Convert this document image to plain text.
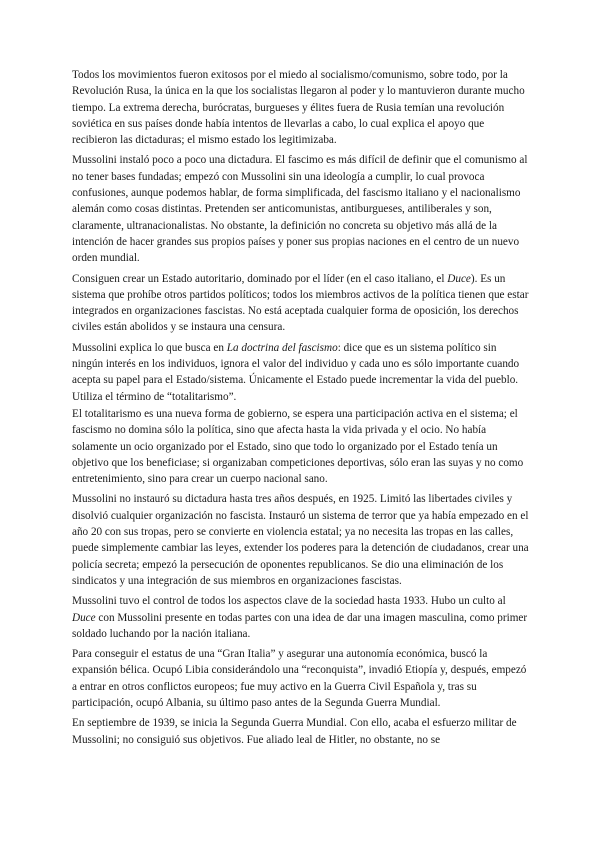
Todos los movimientos fueron exitosos por el miedo al socialismo/comunismo, sobre todo, por la Revolución Rusa, la única en la que los socialistas llegaron al poder y lo mantuvieron durante mucho tiempo. La extrema derecha, burócratas, burgueses y élites fuera de Rusia temían una revolución soviética en sus países donde había intentos de llevarlas a cabo, lo cual explica el apoyo que recibieron las dictaduras; el mismo estado los legitimizaba.

Mussolini instaló poco a poco una dictadura. El fascimo es más difícil de definir que el comunismo al no tener bases fundadas; empezó con Mussolini sin una ideología a cumplir, lo cual provoca confusiones, aunque podemos hablar, de forma simplificada, del fascismo italiano y el nacionalismo alemán como cosas distintas. Pretenden ser anticomunistas, antiburgueses, antiliberales y son, claramente, ultranacionalistas. No obstante, la definición no concreta su objetivo más allá de la intención de hacer grandes sus propios países y poner sus propias naciones en el centro de un nuevo orden mundial.

Consiguen crear un Estado autoritario, dominado por el líder (en el caso italiano, el Duce). Es un sistema que prohíbe otros partidos políticos; todos los miembros activos de la política tienen que estar integrados en organizaciones fascistas. No está aceptada cualquier forma de oposición, los derechos civiles están abolidos y se instaura una censura.

Mussolini explica lo que busca en La doctrina del fascismo: dice que es un sistema político sin ningún interés en los individuos, ignora el valor del individuo y cada uno es sólo importante cuando acepta su papel para el Estado/sistema. Únicamente el Estado puede incrementar la vida del pueblo. Utiliza el término de “totalitarismo”.

El totalitarismo es una nueva forma de gobierno, se espera una participación activa en el sistema; el fascismo no domina sólo la política, sino que afecta hasta la vida privada y el ocio. No había solamente un ocio organizado por el Estado, sino que todo lo organizado por el Estado tenía un objetivo que los beneficiase; si organizaban competiciones deportivas, sólo eran las suyas y no como entretenimiento, sino para crear un cuerpo nacional sano.

Mussolini no instauró su dictadura hasta tres años después, en 1925. Limitó las libertades civiles y disolvió cualquier organización no fascista. Instauró un sistema de terror que ya había empezado en el año 20 con sus tropas, pero se convierte en violencia estatal; ya no necesita las tropas en las calles, puede simplemente cambiar las leyes, extender los poderes para la detención de ciudadanos, crear una policía secreta; empezó la persecución de oponentes republicanos. Se dio una eliminación de los sindicatos y una integración de sus miembros en organizaciones fascistas.

Mussolini tuvo el control de todos los aspectos clave de la sociedad hasta 1933. Hubo un culto al Duce con Mussolini presente en todas partes con una idea de dar una imagen masculina, como primer soldado luchando por la nación italiana.

Para conseguir el estatus de una “Gran Italia” y asegurar una autonomía económica, buscó la expansión bélica. Ocupó Libia considerándolo una “reconquista”, invadió Etiopía y, después, empezó a entrar en otros conflictos europeos; fue muy activo en la Guerra Civil Española y, tras su participación, ocupó Albania, su último paso antes de la Segunda Guerra Mundial.

En septiembre de 1939, se inicia la Segunda Guerra Mundial. Con ello, acaba el esfuerzo militar de Mussolini; no consiguió sus objetivos. Fue aliado leal de Hitler, no obstante, no se
